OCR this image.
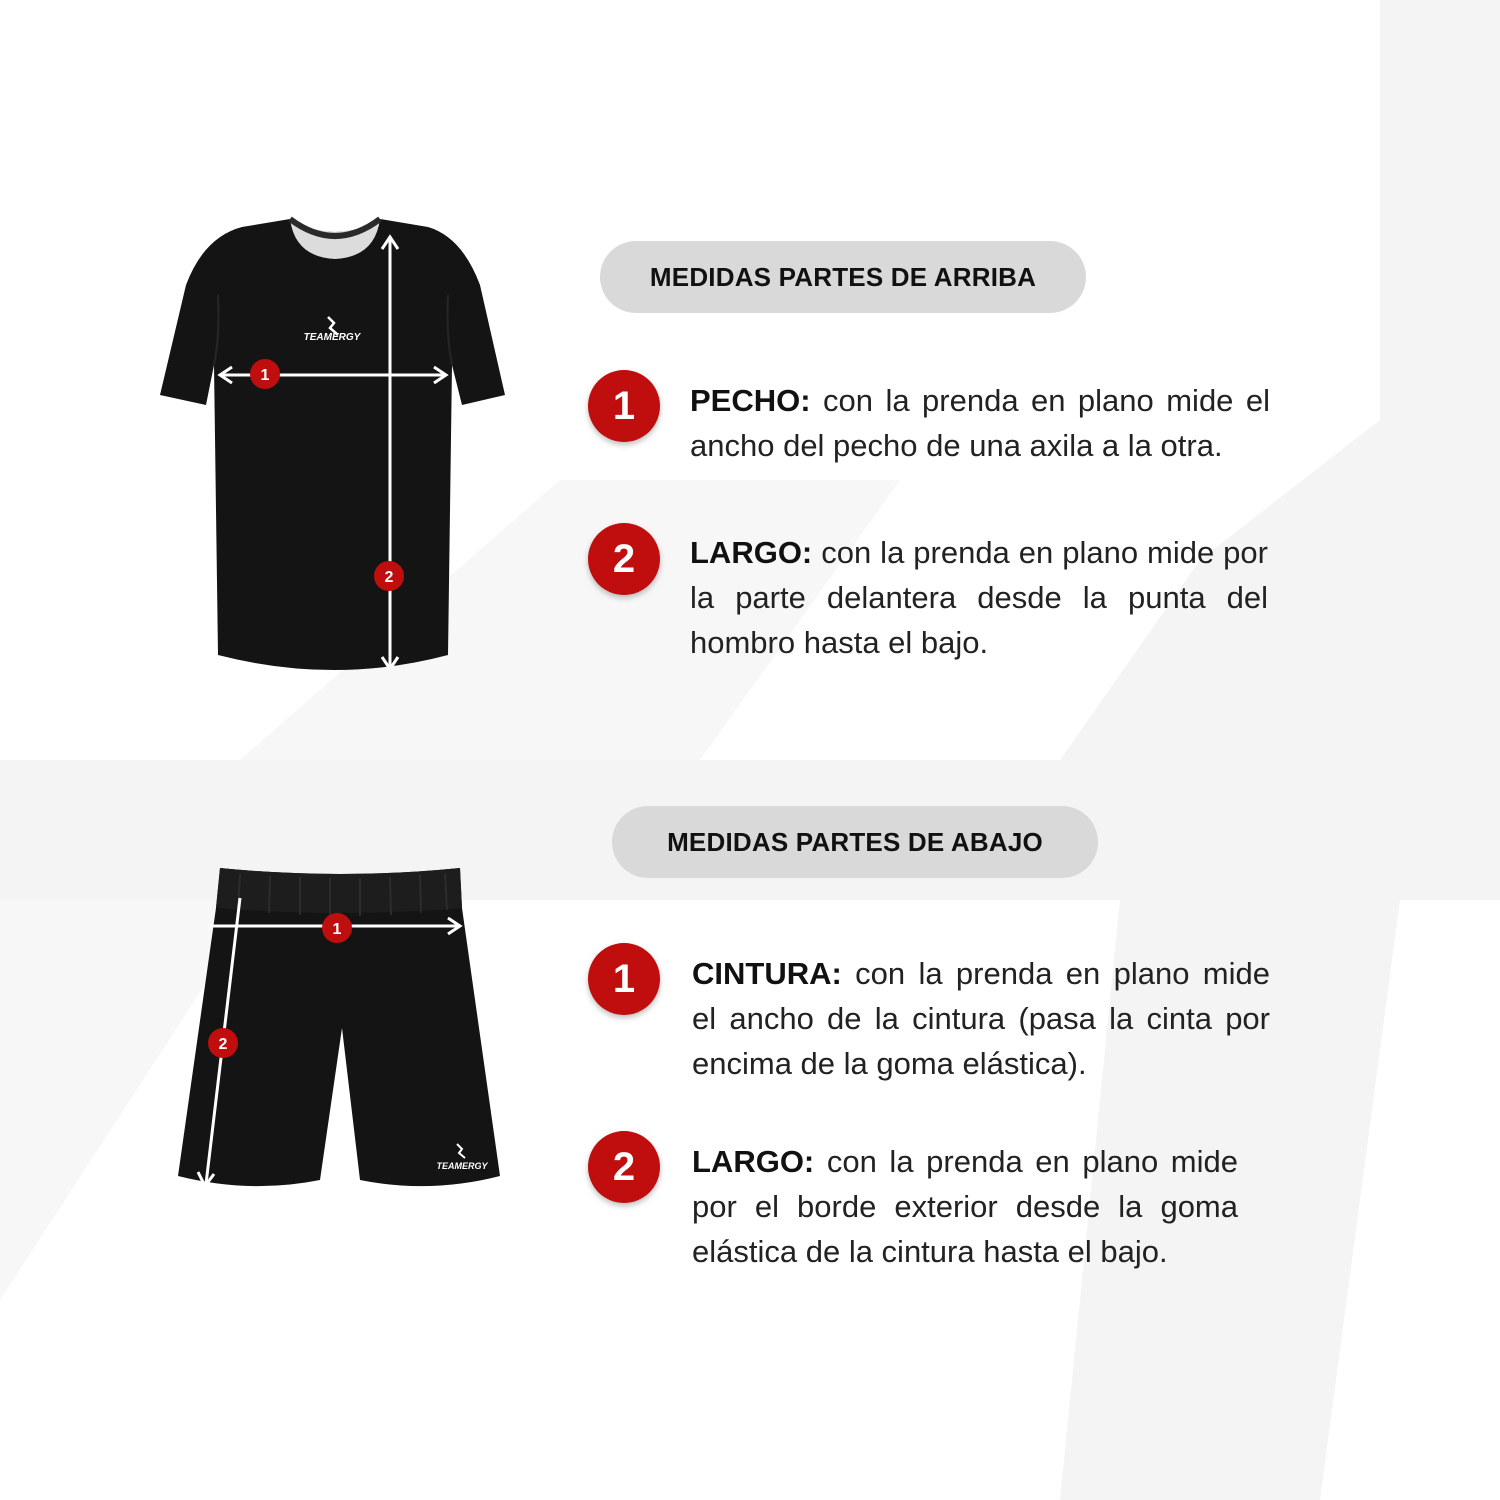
MEDIDAS PARTES DE ARRIBA
TEAMERGY
1
2
1 PECHO: con la prenda en plano mide el ancho del pecho de una axila a la otra.
2 LARGO: con la prenda en plano mide por la parte delantera desde la punta del hombro hasta el bajo.
MEDIDAS PARTES DE ABAJO
TEAMERGY
1
2
1 CINTURA: con la prenda en plano mide el ancho de la cintura (pasa la cinta por encima de la goma elástica).
2 LARGO: con la prenda en plano mide por el borde exterior desde la goma elástica de la cintura hasta el bajo.
